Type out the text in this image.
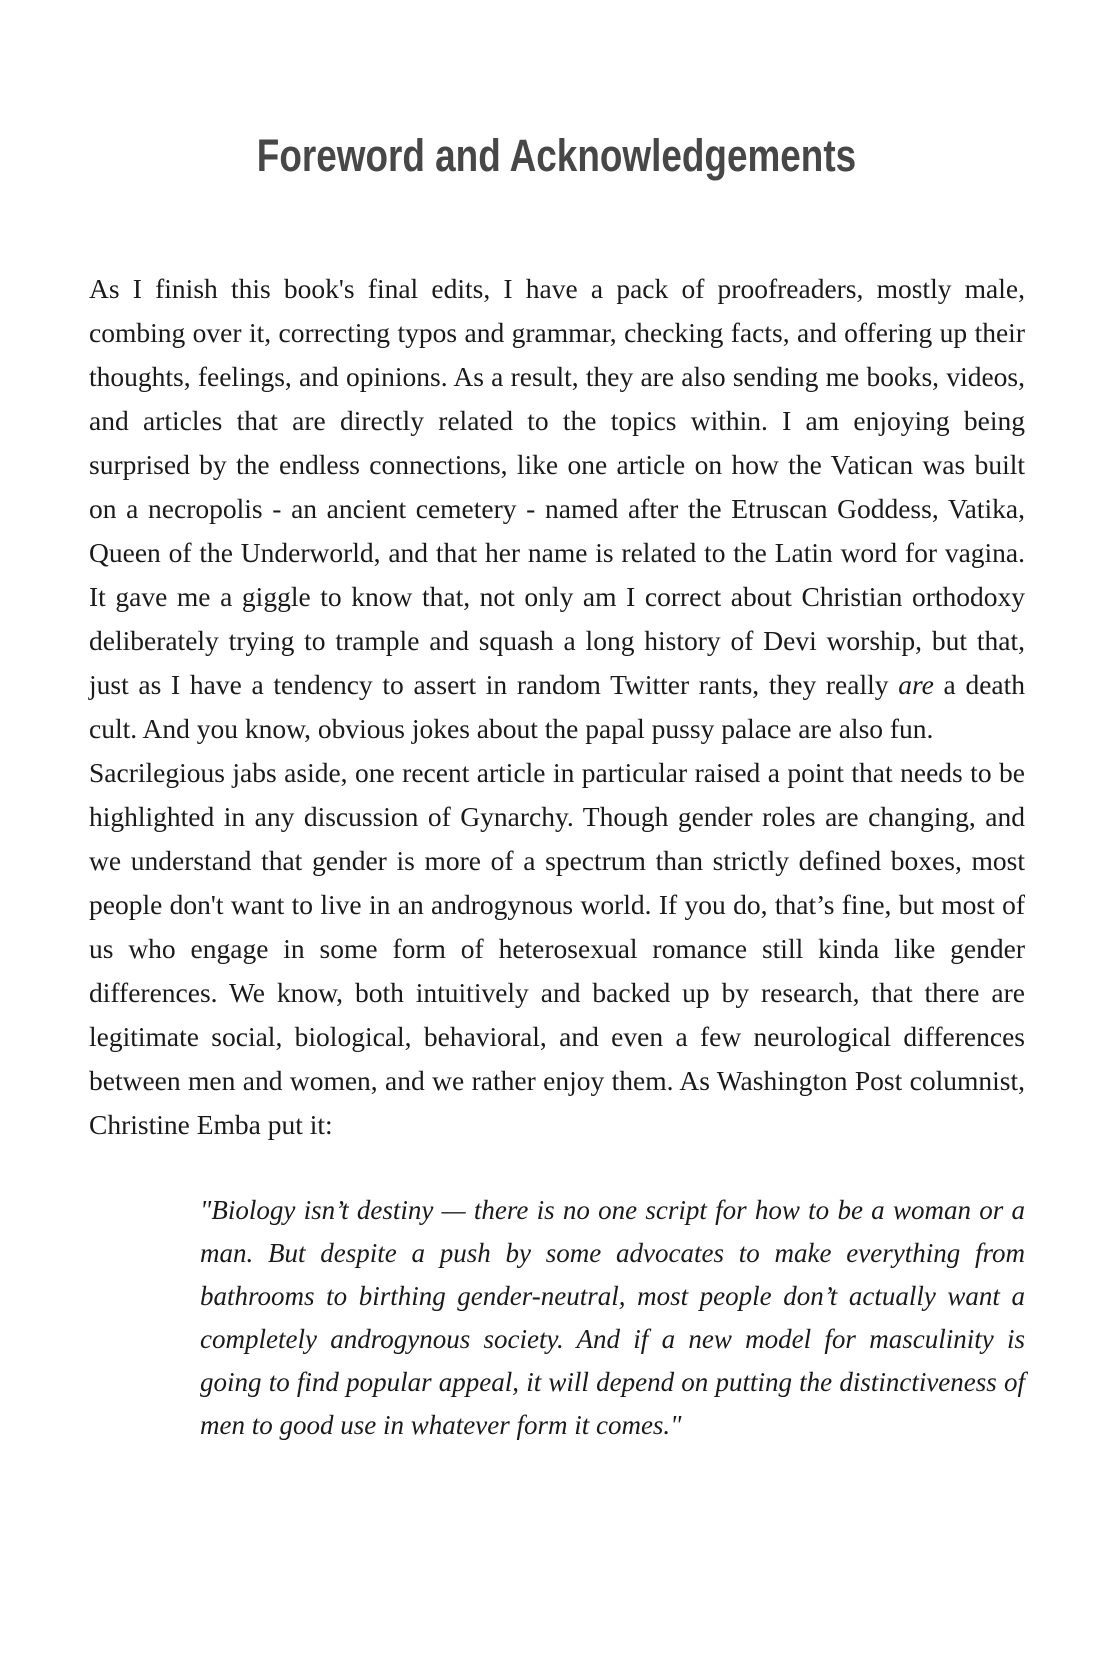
Foreword and Acknowledgements

As I finish this book's final edits, I have a pack of proofreaders, mostly male, combing over it, correcting typos and grammar, checking facts, and offering up their thoughts, feelings, and opinions. As a result, they are also sending me books, videos, and articles that are directly related to the topics within. I am enjoying being surprised by the endless connections, like one article on how the Vatican was built on a necropolis - an ancient cemetery - named after the Etruscan Goddess, Vatika, Queen of the Underworld, and that her name is related to the Latin word for vagina. It gave me a giggle to know that, not only am I correct about Christian orthodoxy deliberately trying to trample and squash a long history of Devi worship, but that, just as I have a tendency to assert in random Twitter rants, they really are a death cult. And you know, obvious jokes about the papal pussy palace are also fun.

Sacrilegious jabs aside, one recent article in particular raised a point that needs to be highlighted in any discussion of Gynarchy. Though gender roles are changing, and we understand that gender is more of a spectrum than strictly defined boxes, most people don't want to live in an androgynous world. If you do, that’s fine, but most of us who engage in some form of heterosexual romance still kinda like gender differences. We know, both intuitively and backed up by research, that there are legitimate social, biological, behavioral, and even a few neurological differences between men and women, and we rather enjoy them. As Washington Post columnist, Christine Emba put it:

"Biology isn’t destiny — there is no one script for how to be a woman or a man. But despite a push by some advocates to make everything from bathrooms to birthing gender-neutral, most people don’t actually want a completely androgynous society. And if a new model for masculinity is going to find popular appeal, it will depend on putting the distinctiveness of men to good use in whatever form it comes."
